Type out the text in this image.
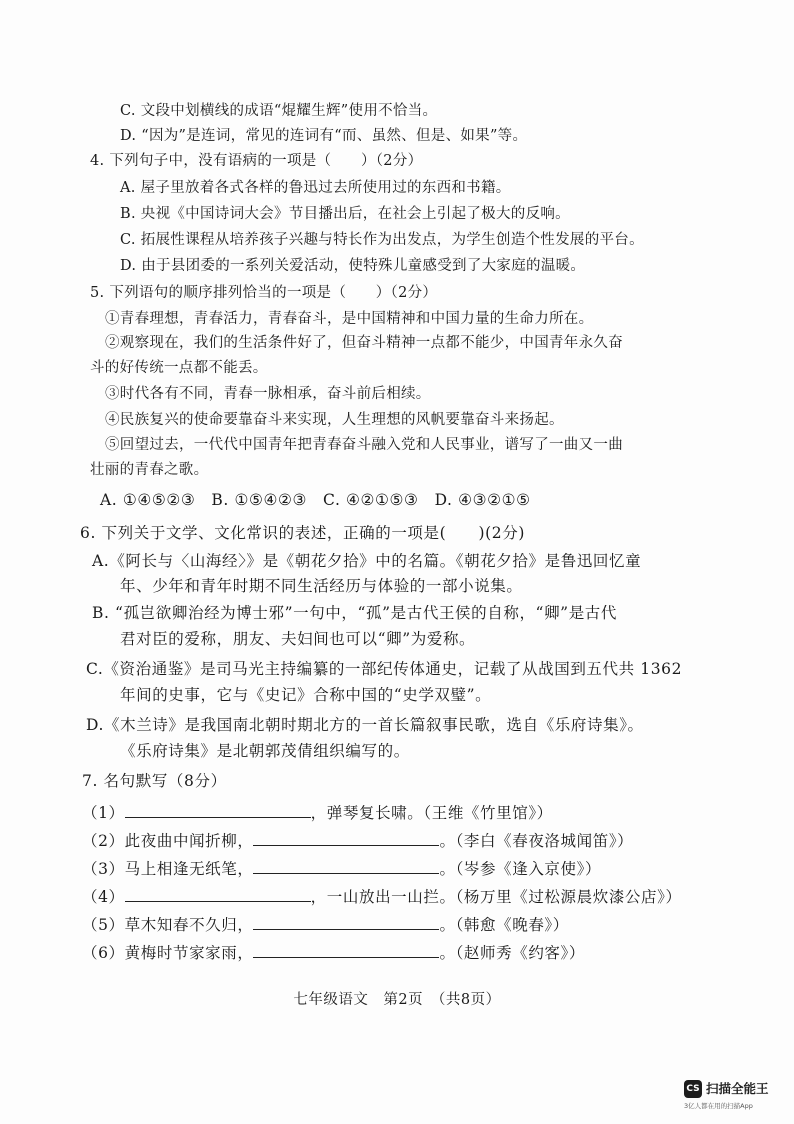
C. 文段中划横线的成语“焜耀生辉”使用不恰当。
D. “因为”是连词，常见的连词有“而、虽然、但是、如果”等。
4. 下列句子中，没有语病的一项是（　　）（2分）
A. 屋子里放着各式各样的鲁迅过去所使用过的东西和书籍。
B. 央视《中国诗词大会》节目播出后，在社会上引起了极大的反响。
C. 拓展性课程从培养孩子兴趣与特长作为出发点，为学生创造个性发展的平台。
D. 由于县团委的一系列关爱活动，使特殊儿童感受到了大家庭的温暖。
5. 下列语句的顺序排列恰当的一项是（　　）（2分）
①青春理想，青春活力，青春奋斗，是中国精神和中国力量的生命力所在。
②观察现在，我们的生活条件好了，但奋斗精神一点都不能少，中国青年永久奋
斗的好传统一点都不能丢。
③时代各有不同，青春一脉相承，奋斗前后相续。
④民族复兴的使命要靠奋斗来实现，人生理想的风帆要靠奋斗来扬起。
⑤回望过去，一代代中国青年把青春奋斗融入党和人民事业，谱写了一曲又一曲
壮丽的青春之歌。
A. ①④⑤②③　B. ①⑤④②③　C. ④②①⑤③　D. ④③②①⑤
6. 下列关于文学、文化常识的表述，正确的一项是(　　)(2分)
A.《阿长与〈山海经〉》是《朝花夕拾》中的名篇。《朝花夕拾》是鲁迅回忆童
年、少年和青年时期不同生活经历与体验的一部小说集。
B. “孤岂欲卿治经为博士邪”一句中，“孤”是古代王侯的自称，“卿”是古代
君对臣的爱称，朋友、夫妇间也可以“卿”为爱称。
C.《资治通鉴》是司马光主持编纂的一部纪传体通史，记载了从战国到五代共 1362
年间的史事，它与《史记》合称中国的“史学双璧”。
D.《木兰诗》是我国南北朝时期北方的一首长篇叙事民歌，选自《乐府诗集》。
《乐府诗集》是北朝郭茂倩组织编写的。
7. 名句默写（8分）
（1）	，弹琴复长啸。（王维《竹里馆》）
（2）此夜曲中闻折柳，	。（李白《春夜洛城闻笛》）
（3）马上相逢无纸笔，	。（岑参《逢入京使》）
（4）	，一山放出一山拦。（杨万里《过松源晨炊漆公店》）
（5）草木知春不久归，	。（韩愈《晚春》）
（6）黄梅时节家家雨，	。（赵师秀《约客》）
七年级语文　第2页　（共8页）
CS 扫描全能王
3亿人都在用的扫描App
